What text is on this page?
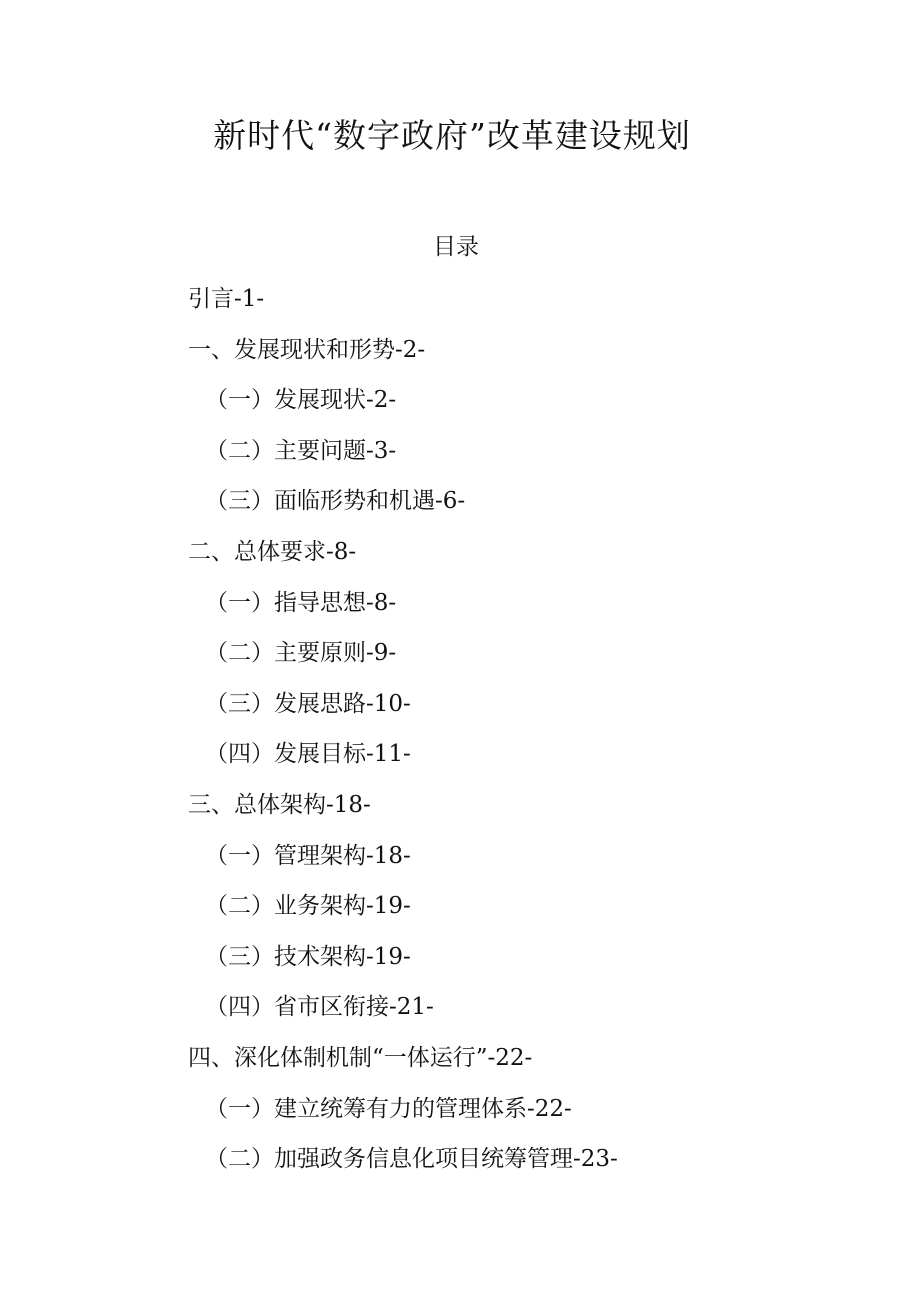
新时代“数字政府”改革建设规划
目录
引言-1-
一、发展现状和形势-2-
（一）发展现状-2-
（二）主要问题-3-
（三）面临形势和机遇-6-
二、总体要求-8-
（一）指导思想-8-
（二）主要原则-9-
（三）发展思路-10-
（四）发展目标-11-
三、总体架构-18-
（一）管理架构-18-
（二）业务架构-19-
（三）技术架构-19-
（四）省市区衔接-21-
四、深化体制机制“一体运行”-22-
（一）建立统筹有力的管理体系-22-
（二）加强政务信息化项目统筹管理-23-
